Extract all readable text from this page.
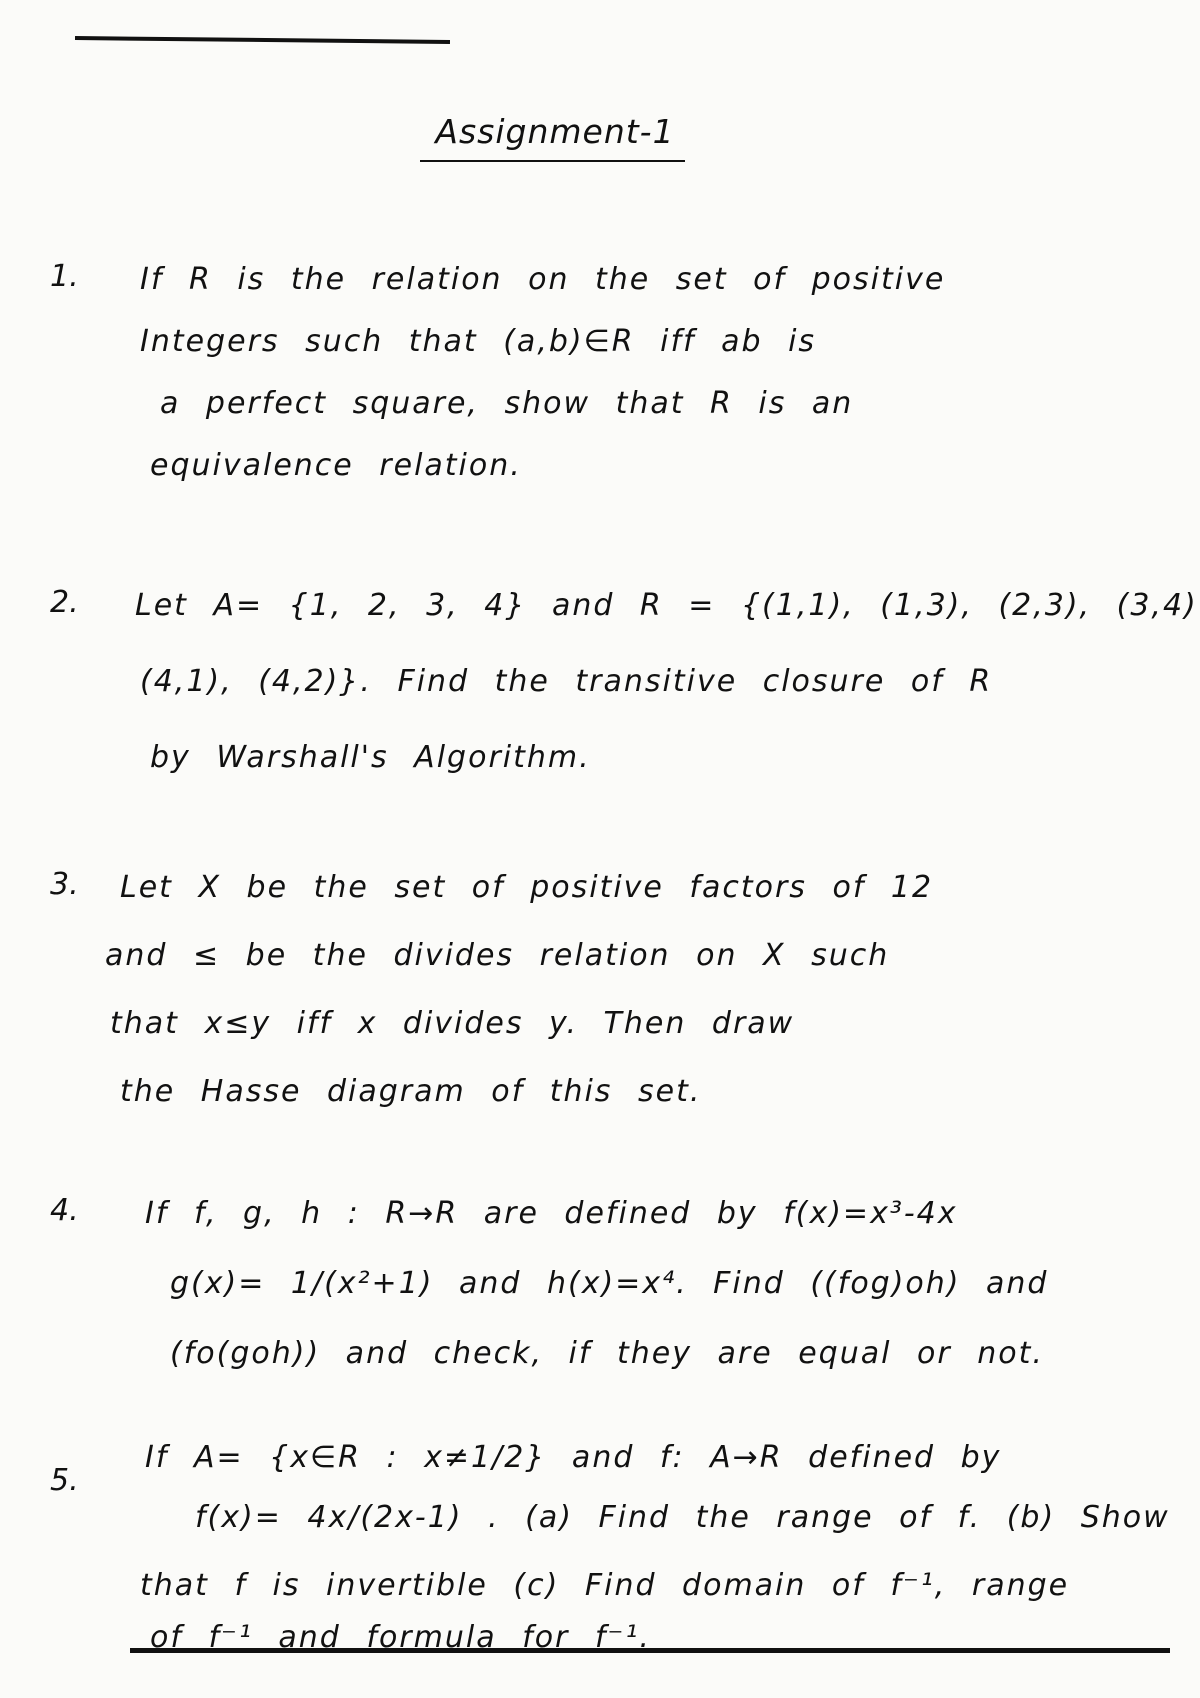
Assignment-1
1. If R is the relation on the set of positive
Integers such that (a,b)∈R iff ab is
a perfect square, show that R is an
equivalence relation.
2. Let A= {1, 2, 3, 4} and R = {(1,1), (1,3), (2,3), (3,4)
(4,1), (4,2)}. Find the transitive closure of R
by Warshall's Algorithm.
3. Let X be the set of positive factors of 12
and ≤ be the divides relation on X such
that x≤y iff x divides y. Then draw
the Hasse diagram of this set.
4. If f, g, h : R→R are defined by f(x)=x³-4x
g(x)= 1/(x²+1) and h(x)=x⁴. Find ((fog)oh) and
(fo(goh)) and check, if they are equal or not.
5.
If A= {x∈R : x≠1/2} and f: A→R defined by
f(x)= 4x/(2x-1) . (a) Find the range of f. (b) Show
that f is invertible (c) Find domain of f⁻¹, range
of f⁻¹ and formula for f⁻¹.
